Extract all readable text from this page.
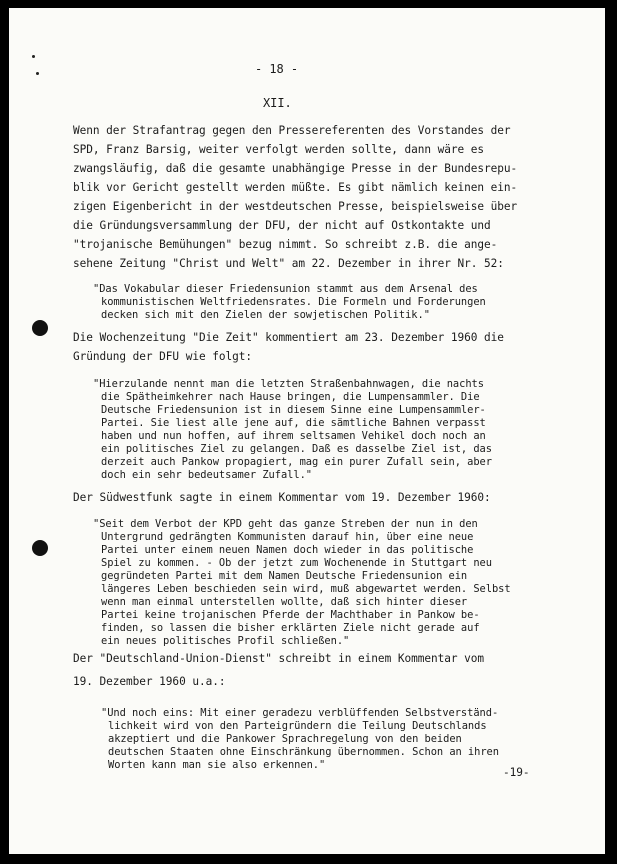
- 18 -
XII.
Wenn der Strafantrag gegen den Pressereferenten des Vorstandes der
SPD, Franz Barsig, weiter verfolgt werden sollte, dann wäre es
zwangsläufig, daß die gesamte unabhängige Presse in der Bundesrepu-
blik vor Gericht gestellt werden müßte. Es gibt nämlich keinen ein-
zigen Eigenbericht in der westdeutschen Presse, beispielsweise über
die Gründungsversammlung der DFU, der nicht auf Ostkontakte und
"trojanische Bemühungen" bezug nimmt. So schreibt z.B. die ange-
sehene Zeitung "Christ und Welt" am 22. Dezember in ihrer Nr. 52:
"Das Vokabular dieser Friedensunion stammt aus dem Arsenal des
kommunistischen Weltfriedensrates. Die Formeln und Forderungen
decken sich mit den Zielen der sowjetischen Politik."
Die Wochenzeitung "Die Zeit" kommentiert am 23. Dezember 1960 die
Gründung der DFU wie folgt:
"Hierzulande nennt man die letzten Straßenbahnwagen, die nachts
die Spätheimkehrer nach Hause bringen, die Lumpensammler. Die
Deutsche Friedensunion ist in diesem Sinne eine Lumpensammler-
Partei. Sie liest alle jene auf, die sämtliche Bahnen verpasst
haben und nun hoffen, auf ihrem seltsamen Vehikel doch noch an
ein politisches Ziel zu gelangen. Daß es dasselbe Ziel ist, das
derzeit auch Pankow propagiert, mag ein purer Zufall sein, aber
doch ein sehr bedeutsamer Zufall."
Der Südwestfunk sagte in einem Kommentar vom 19. Dezember 1960:
"Seit dem Verbot der KPD geht das ganze Streben der nun in den
Untergrund gedrängten Kommunisten darauf hin, über eine neue
Partei unter einem neuen Namen doch wieder in das politische
Spiel zu kommen. - Ob der jetzt zum Wochenende in Stuttgart neu
gegründeten Partei mit dem Namen Deutsche Friedensunion ein
längeres Leben beschieden sein wird, muß abgewartet werden. Selbst
wenn man einmal unterstellen wollte, daß sich hinter dieser
Partei keine trojanischen Pferde der Machthaber in Pankow be-
finden, so lassen die bisher erklärten Ziele nicht gerade auf
ein neues politisches Profil schließen."
Der "Deutschland-Union-Dienst" schreibt in einem Kommentar vom
19. Dezember 1960 u.a.:
"Und noch eins: Mit einer geradezu verblüffenden Selbstverständ-
lichkeit wird von den Parteigründern die Teilung Deutschlands
akzeptiert und die Pankower Sprachregelung von den beiden
deutschen Staaten ohne Einschränkung übernommen. Schon an ihren
Worten kann man sie also erkennen."
-19-
